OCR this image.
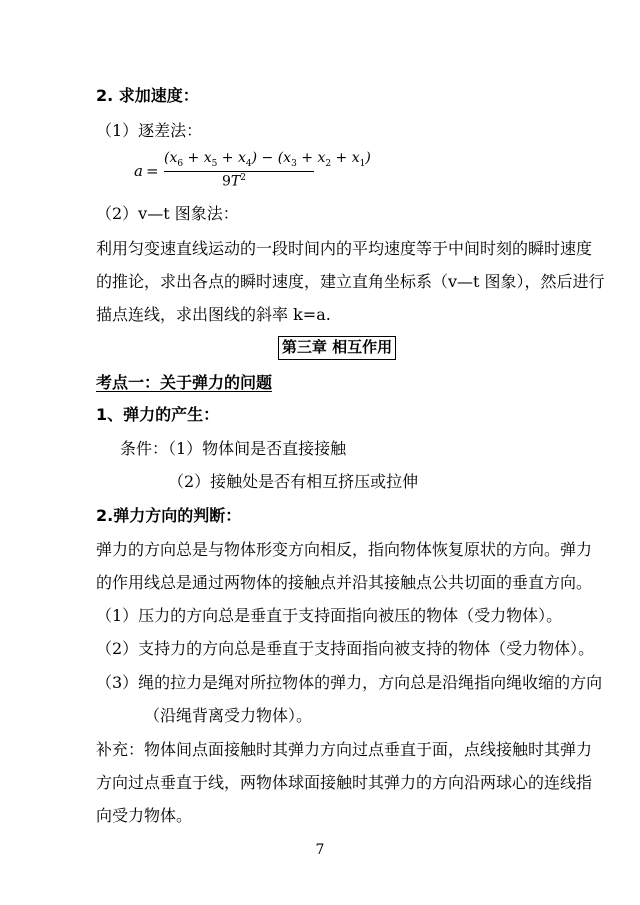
2. 求加速度：
（1）逐差法：
a =
$(x_6 + x_5 + x_4) - (x_3 + x_2 + x_1)$
$9T^2$
（2）v—t 图象法：
利用匀变速直线运动的一段时间内的平均速度等于中间时刻的瞬时速度
的推论，求出各点的瞬时速度，建立直角坐标系（v—t 图象），然后进行
描点连线，求出图线的斜率 k=a.
第三章 相互作用
考点一：关于弹力的问题
1、弹力的产生：
条件：（1）物体间是否直接接触
（2）接触处是否有相互挤压或拉伸
2.弹力方向的判断：
弹力的方向总是与物体形变方向相反，指向物体恢复原状的方向。弹力
的作用线总是通过两物体的接触点并沿其接触点公共切面的垂直方向。
（1）压力的方向总是垂直于支持面指向被压的物体（受力物体）。
（2）支持力的方向总是垂直于支持面指向被支持的物体（受力物体）。
（3）绳的拉力是绳对所拉物体的弹力，方向总是沿绳指向绳收缩的方向
（沿绳背离受力物体）。
补充：物体间点面接触时其弹力方向过点垂直于面，点线接触时其弹力
方向过点垂直于线，两物体球面接触时其弹力的方向沿两球心的连线指
向受力物体。
7
